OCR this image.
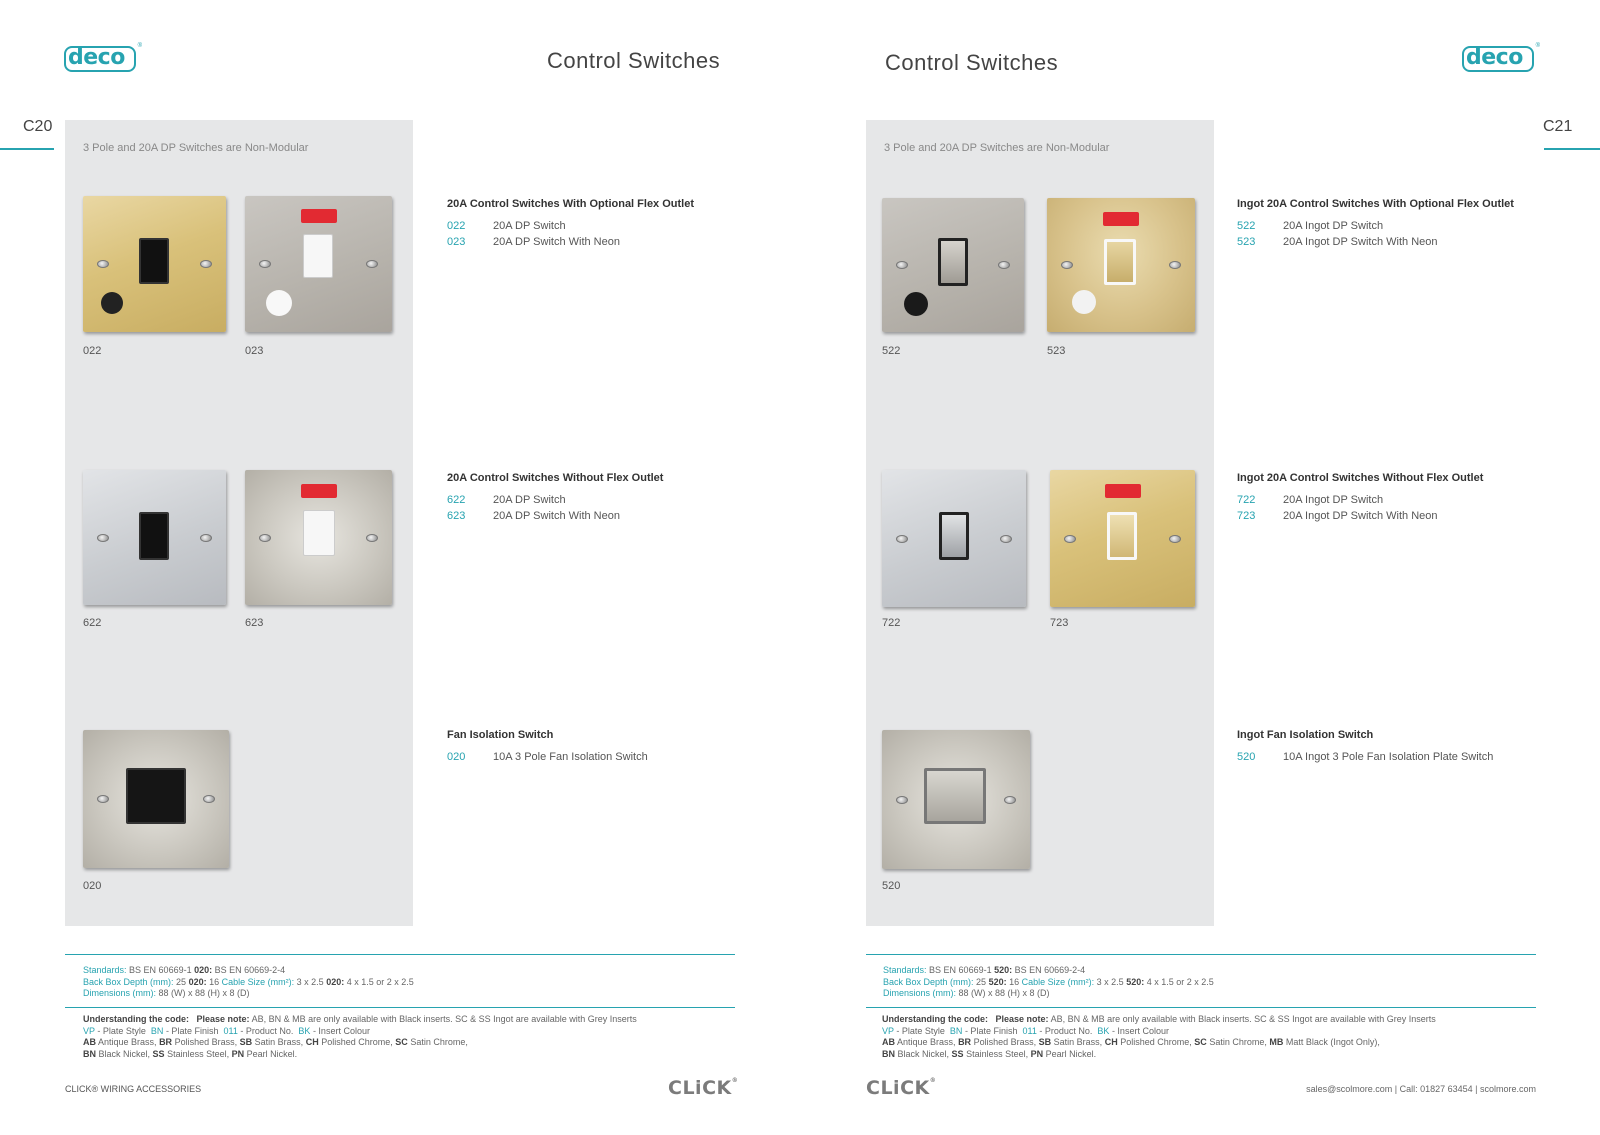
deco ®
Control Switches
C20
3 Pole and 20A DP Switches are Non-Modular
022	023
622	623
020
20A Control Switches With Optional Flex Outlet
022	20A DP Switch
023	20A DP Switch With Neon
20A Control Switches Without Flex Outlet
622	20A DP Switch
623	20A DP Switch With Neon
Fan Isolation Switch
020	10A 3 Pole Fan Isolation Switch
Standards: BS EN 60669-1 020: BS EN 60669-2-4
Back Box Depth (mm): 25 020: 16 Cable Size (mm²): 3 x 2.5 020: 4 x 1.5 or 2 x 2.5
Dimensions (mm): 88 (W) x 88 (H) x 8 (D)
Understanding the code: Please note: AB, BN & MB are only available with Black inserts. SC & SS Ingot are available with Grey Inserts
VP - Plate Style BN - Plate Finish 011 - Product No. BK - Insert Colour
AB Antique Brass, BR Polished Brass, SB Satin Brass, CH Polished Chrome, SC Satin Chrome,
BN Black Nickel, SS Stainless Steel, PN Pearl Nickel.
CLICK® WIRING ACCESSORIES	CLiCK®
deco ®
Control Switches
C21
3 Pole and 20A DP Switches are Non-Modular
522	523
722	723
520
Ingot 20A Control Switches With Optional Flex Outlet
522	20A Ingot DP Switch
523	20A Ingot DP Switch With Neon
Ingot 20A Control Switches Without Flex Outlet
722	20A Ingot DP Switch
723	20A Ingot DP Switch With Neon
Ingot Fan Isolation Switch
520	10A Ingot 3 Pole Fan Isolation Plate Switch
Standards: BS EN 60669-1 520: BS EN 60669-2-4
Back Box Depth (mm): 25 520: 16 Cable Size (mm²): 3 x 2.5 520: 4 x 1.5 or 2 x 2.5
Dimensions (mm): 88 (W) x 88 (H) x 8 (D)
Understanding the code: Please note: AB, BN & MB are only available with Black inserts. SC & SS Ingot are available with Grey Inserts
VP - Plate Style BN - Plate Finish 011 - Product No. BK - Insert Colour
AB Antique Brass, BR Polished Brass, SB Satin Brass, CH Polished Chrome, SC Satin Chrome, MB Matt Black (Ingot Only),
BN Black Nickel, SS Stainless Steel, PN Pearl Nickel.
CLiCK®
sales@scolmore.com | Call: 01827 63454 | scolmore.com
